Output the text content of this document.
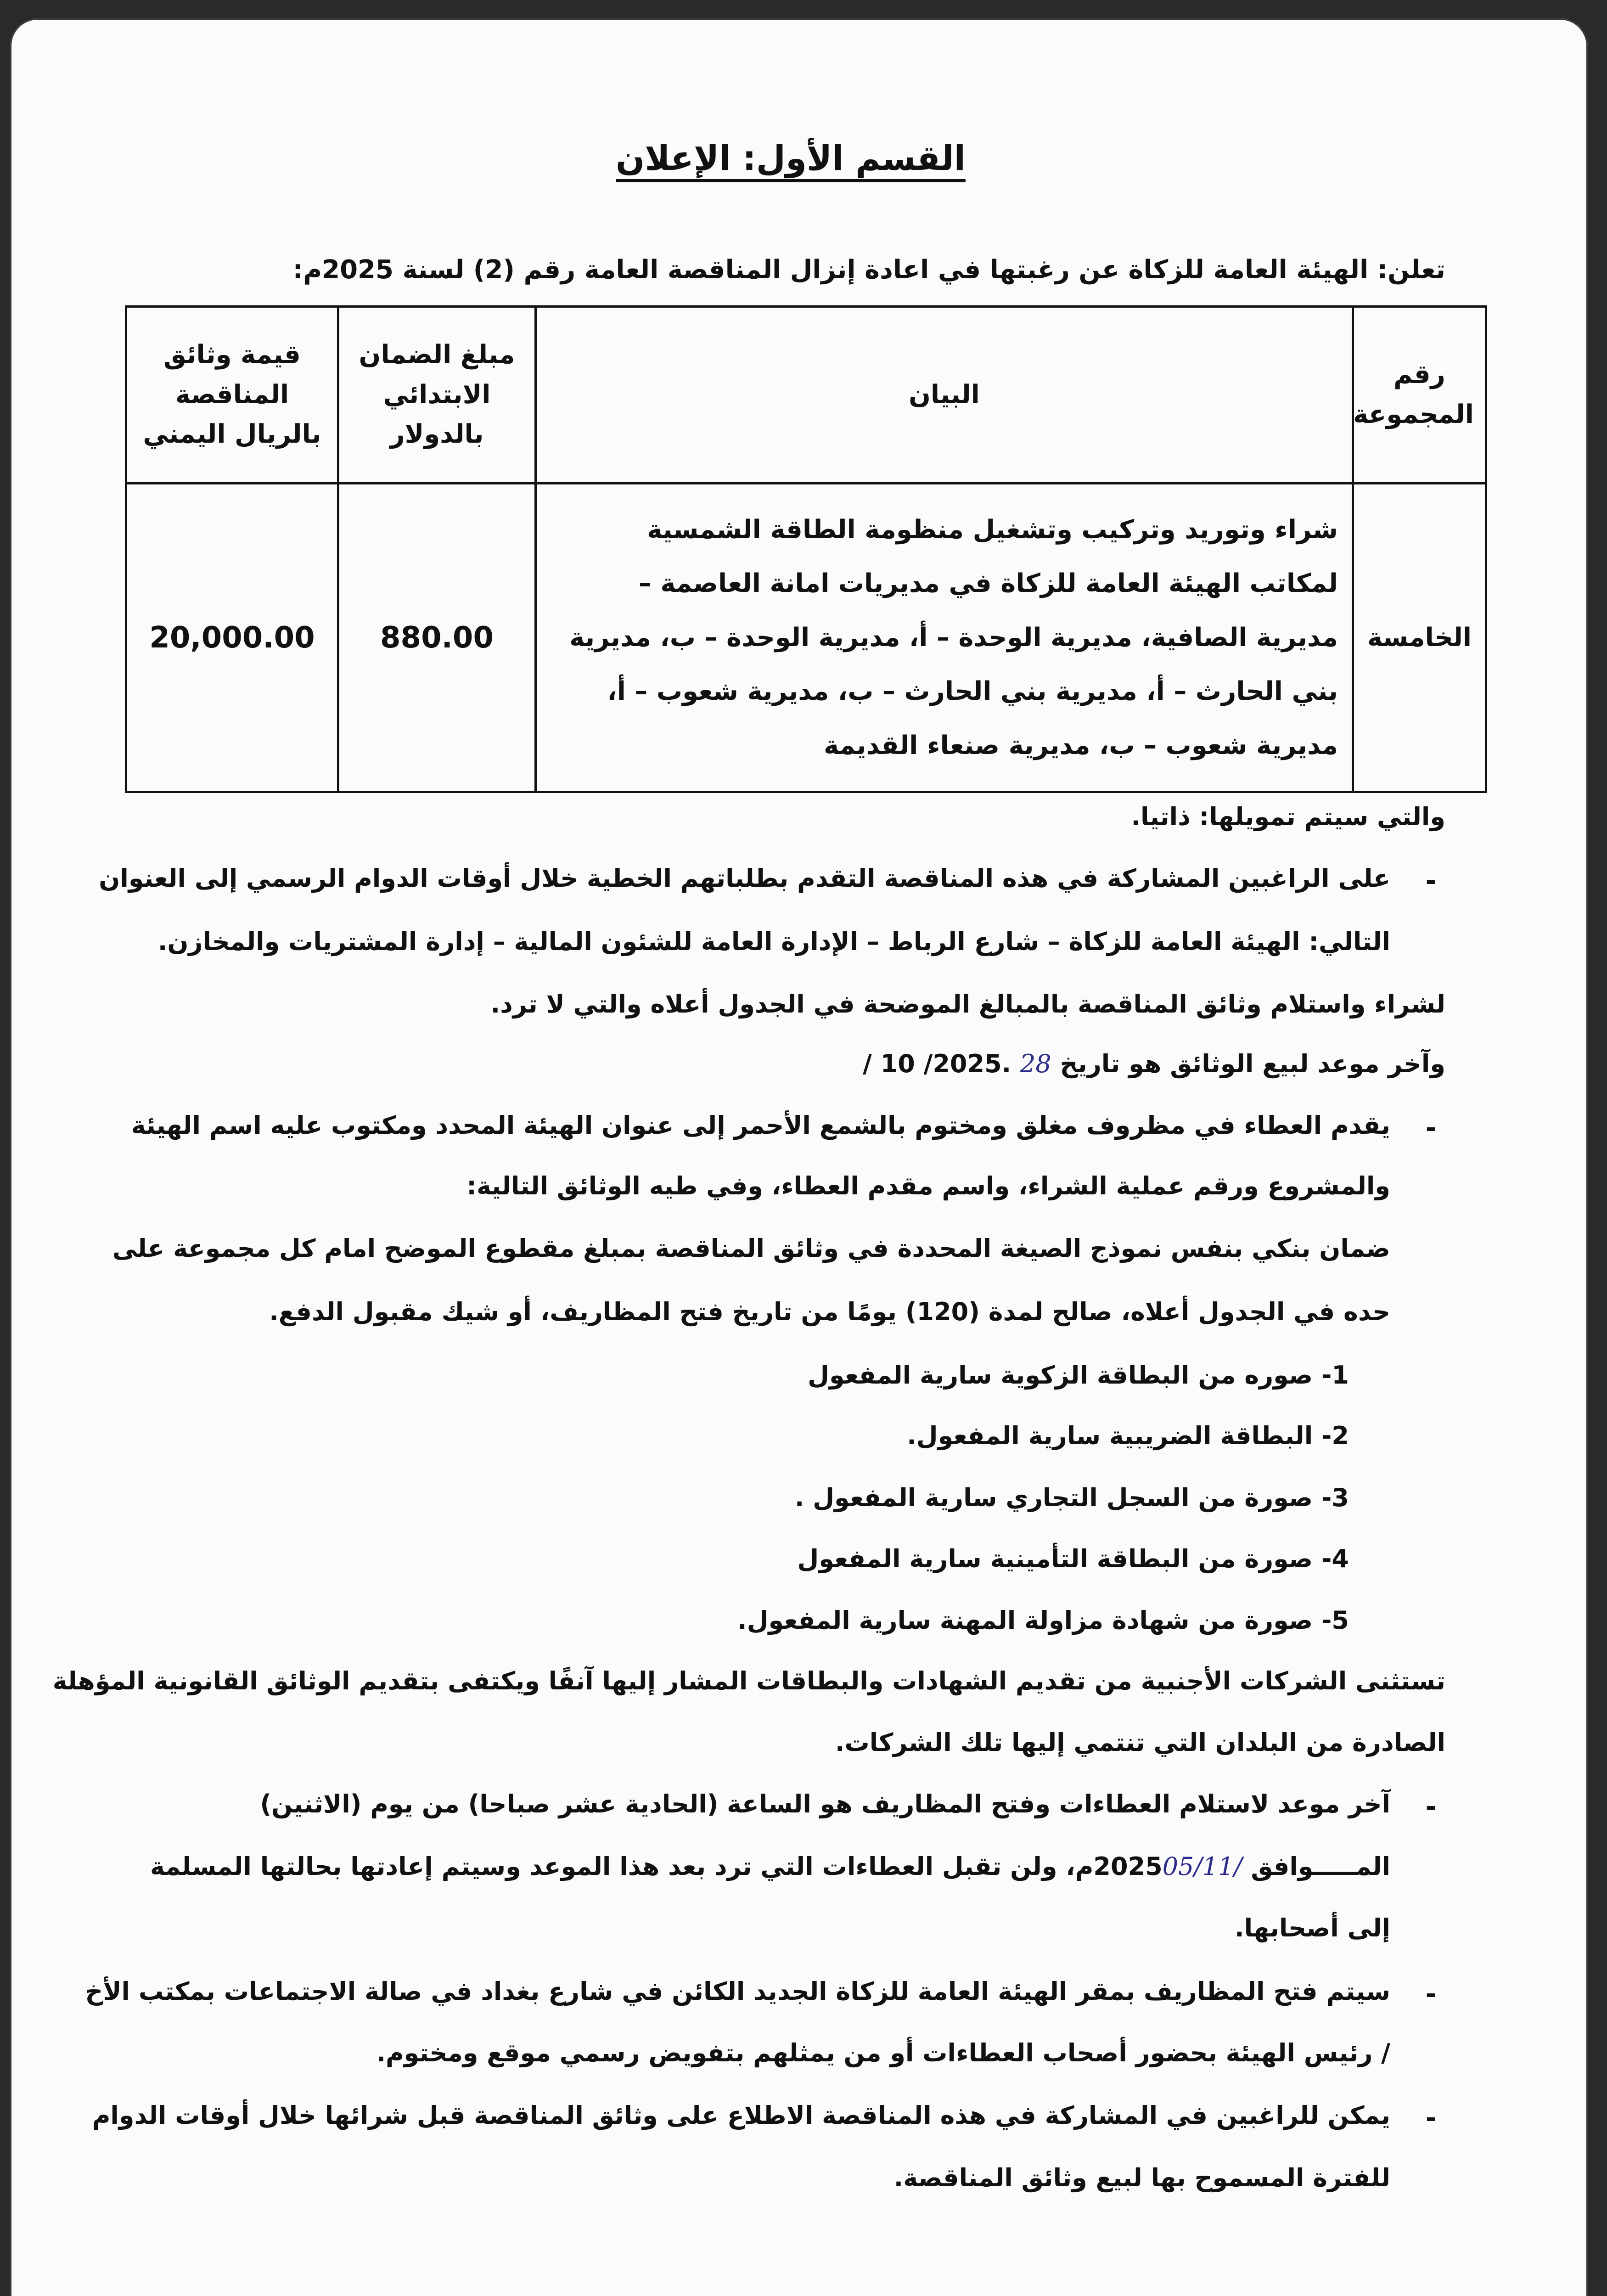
القسم الأول: الإعلان
تعلن: الهيئة العامة للزكاة عن رغبتها في اعادة إنزال المناقصة العامة رقم (2) لسنة 2025م:
رقم المجموعة	البيان	مبلغ الضمان الابتدائي بالدولار	قيمة وثائق المناقصة بالريال اليمني
الخامسة	شراء وتوريد وتركيب وتشغيل منظومة الطاقة الشمسية لمكاتب الهيئة العامة للزكاة في مديريات امانة العاصمة – مديرية الصافية، مديرية الوحدة – أ، مديرية الوحدة – ب، مديرية بني الحارث – أ، مديرية بني الحارث – ب، مديرية شعوب – أ، مديرية شعوب – ب، مديرية صنعاء القديمة	880.00	20,000.00
والتي سيتم تمويلها: ذاتيا.
-
على الراغبين المشاركة في هذه المناقصة التقدم بطلباتهم الخطية خلال أوقات الدوام الرسمي إلى العنوان
التالي: الهيئة العامة للزكاة – شارع الرباط – الإدارة العامة للشئون المالية – إدارة المشتريات والمخازن.
لشراء واستلام وثائق المناقصة بالمبالغ الموضحة في الجدول أعلاه والتي لا ترد.
وآخر موعد لبيع الوثائق هو تاريخ 28 / 10 /2025.
-
يقدم العطاء في مظروف مغلق ومختوم بالشمع الأحمر إلى عنوان الهيئة المحدد ومكتوب عليه اسم الهيئة
والمشروع ورقم عملية الشراء، واسم مقدم العطاء، وفي طيه الوثائق التالية:
ضمان بنكي بنفس نموذج الصيغة المحددة في وثائق المناقصة بمبلغ مقطوع الموضح امام كل مجموعة على
حده في الجدول أعلاه، صالح لمدة (120) يومًا من تاريخ فتح المظاريف، أو شيك مقبول الدفع.
1- صوره من البطاقة الزكوية سارية المفعول
2- البطاقة الضريبية سارية المفعول.
3- صورة من السجل التجاري سارية المفعول .
4- صورة من البطاقة التأمينية سارية المفعول
5- صورة من شهادة مزاولة المهنة سارية المفعول.
تستثنى الشركات الأجنبية من تقديم الشهادات والبطاقات المشار إليها آنفًا ويكتفى بتقديم الوثائق القانونية المؤهلة
الصادرة من البلدان التي تنتمي إليها تلك الشركات.
-
آخر موعد لاستلام العطاءات وفتح المظاريف هو الساعة (الحادية عشر صباحا) من يوم (الاثنين)
المـــــوافق 05/11/2025م، ولن تقبل العطاءات التي ترد بعد هذا الموعد وسيتم إعادتها بحالتها المسلمة
إلى أصحابها.
-
سيتم فتح المظاريف بمقر الهيئة العامة للزكاة الجديد الكائن في شارع بغداد في صالة الاجتماعات بمكتب الأخ
/ رئيس الهيئة بحضور أصحاب العطاءات أو من يمثلهم بتفويض رسمي موقع ومختوم.
-
يمكن للراغبين في المشاركة في هذه المناقصة الاطلاع على وثائق المناقصة قبل شرائها خلال أوقات الدوام
للفترة المسموح بها لبيع وثائق المناقصة.
